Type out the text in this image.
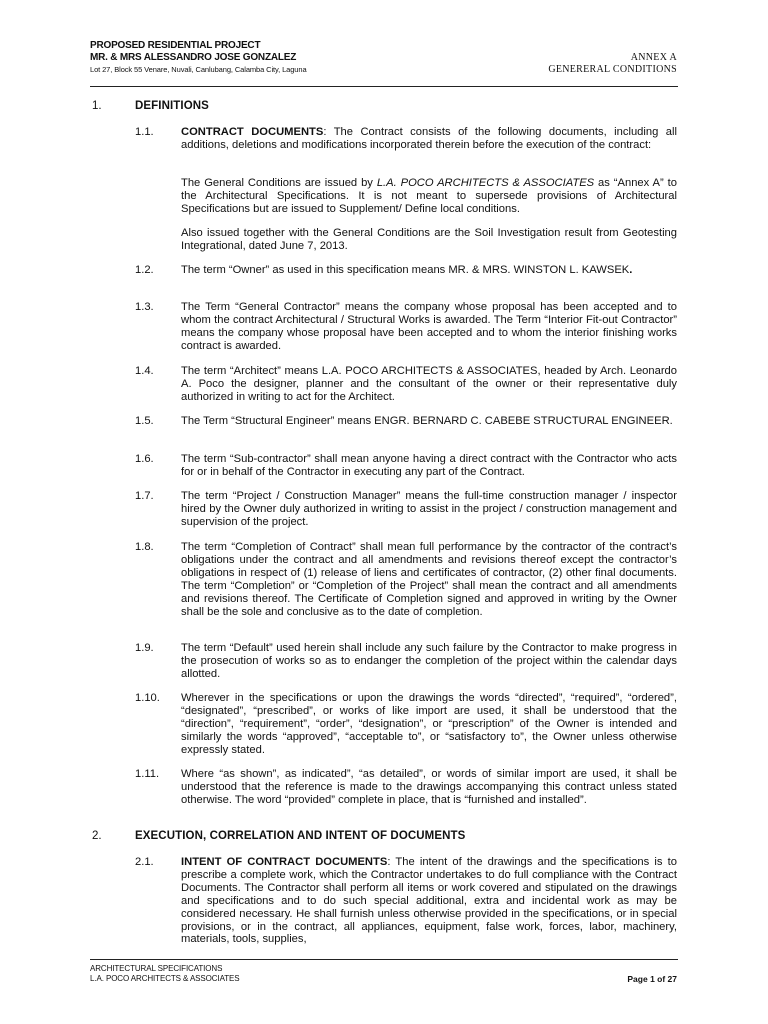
PROPOSED RESIDENTIAL PROJECT
MR. & MRS ALESSANDRO JOSE GONZALEZ
Lot 27, Block 55 Venare, Nuvali, Canlubang, Calamba City, Laguna
ANNEX A
GENERERAL CONDITIONS
1.	DEFINITIONS
1.1. CONTRACT DOCUMENTS: The Contract consists of the following documents, including all additions, deletions and modifications incorporated therein before the execution of the contract:
The General Conditions are issued by L.A. POCO ARCHITECTS & ASSOCIATES as “Annex A” to the Architectural Specifications. It is not meant to supersede provisions of Architectural Specifications but are issued to Supplement/ Define local conditions.
Also issued together with the General Conditions are the Soil Investigation result from Geotesting Integrational, dated June 7, 2013.
1.2. The term “Owner” as used in this specification means MR. & MRS. WINSTON L. KAWSEK.
1.3. The Term “General Contractor” means the company whose proposal has been accepted and to whom the contract Architectural / Structural Works is awarded. The Term “Interior Fit-out Contractor” means the company whose proposal have been accepted and to whom the interior finishing works contract is awarded.
1.4. The term “Architect” means L.A. POCO ARCHITECTS & ASSOCIATES, headed by Arch. Leonardo A. Poco the designer, planner and the consultant of the owner or their representative duly authorized in writing to act for the Architect.
1.5. The Term “Structural Engineer” means ENGR. BERNARD C. CABEBE STRUCTURAL ENGINEER.
1.6. The term “Sub-contractor” shall mean anyone having a direct contract with the Contractor who acts for or in behalf of the Contractor in executing any part of the Contract.
1.7. The term “Project / Construction Manager” means the full-time construction manager / inspector hired by the Owner duly authorized in writing to assist in the project / construction management and supervision of the project.
1.8. The term “Completion of Contract” shall mean full performance by the contractor of the contract’s obligations under the contract and all amendments and revisions thereof except the contractor’s obligations in respect of (1) release of liens and certificates of contractor, (2) other final documents. The term “Completion” or “Completion of the Project” shall mean the contract and all amendments and revisions thereof. The Certificate of Completion signed and approved in writing by the Owner shall be the sole and conclusive as to the date of completion.
1.9. The term “Default” used herein shall include any such failure by the Contractor to make progress in the prosecution of works so as to endanger the completion of the project within the calendar days allotted.
1.10. Wherever in the specifications or upon the drawings the words “directed”, “required”, “ordered”, “designated”, “prescribed”, or works of like import are used, it shall be understood that the “direction”, “requirement”, “order”, “designation”, or “prescription” of the Owner is intended and similarly the words “approved”, “acceptable to”, or “satisfactory to”, the Owner unless otherwise expressly stated.
1.11. Where “as shown”, as indicated”, “as detailed”, or words of similar import are used, it shall be understood that the reference is made to the drawings accompanying this contract unless stated otherwise. The word “provided” complete in place, that is “furnished and installed”.
2.	EXECUTION, CORRELATION AND INTENT OF DOCUMENTS
2.1. INTENT OF CONTRACT DOCUMENTS: The intent of the drawings and the specifications is to prescribe a complete work, which the Contractor undertakes to do full compliance with the Contract Documents. The Contractor shall perform all items or work covered and stipulated on the drawings and specifications and to do such special additional, extra and incidental work as may be considered necessary. He shall furnish unless otherwise provided in the specifications, or in special provisions, or in the contract, all appliances, equipment, false work, forces, labor, machinery, materials, tools, supplies,
ARCHITECTURAL SPECIFICATIONS
L.A. POCO ARCHITECTS & ASSOCIATES	Page 1 of 27
